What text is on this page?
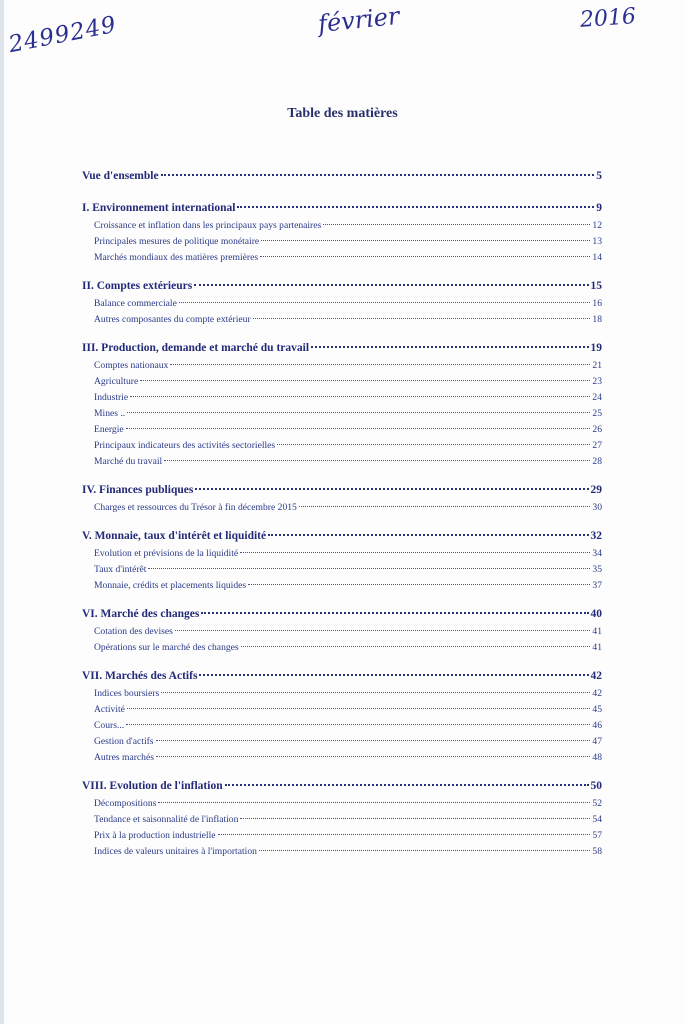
2499249	février	2016
Table des matières
Vue d'ensemble	5
I. Environnement international	9
Croissance et inflation dans les principaux pays partenaires	12
Principales mesures de politique monétaire	13
Marchés mondiaux des matières premières	14
II. Comptes extérieurs	15
Balance commerciale	16
Autres composantes du compte extérieur	18
III. Production, demande et marché du travail	19
Comptes nationaux	21
Agriculture	23
Industrie	24
Mines ..	25
Energie	26
Principaux indicateurs des activités sectorielles	27
Marché du travail	28
IV. Finances publiques	29
Charges et ressources du Trésor à fin décembre 2015	30
V. Monnaie, taux d'intérêt et liquidité	32
Evolution et prévisions de la liquidité	34
Taux d'intérêt	35
Monnaie, crédits et placements liquides	37
VI. Marché des changes	40
Cotation des devises	41
Opérations sur le marché des changes	41
VII. Marchés des Actifs	42
Indices boursiers	42
Activité	45
Cours...	46
Gestion d'actifs	47
Autres marchés	48
VIII. Evolution de l'inflation	50
Décompositions	52
Tendance et saisonnalité de l'inflation	54
Prix à la production industrielle	57
Indices de valeurs unitaires à l'importation	58
